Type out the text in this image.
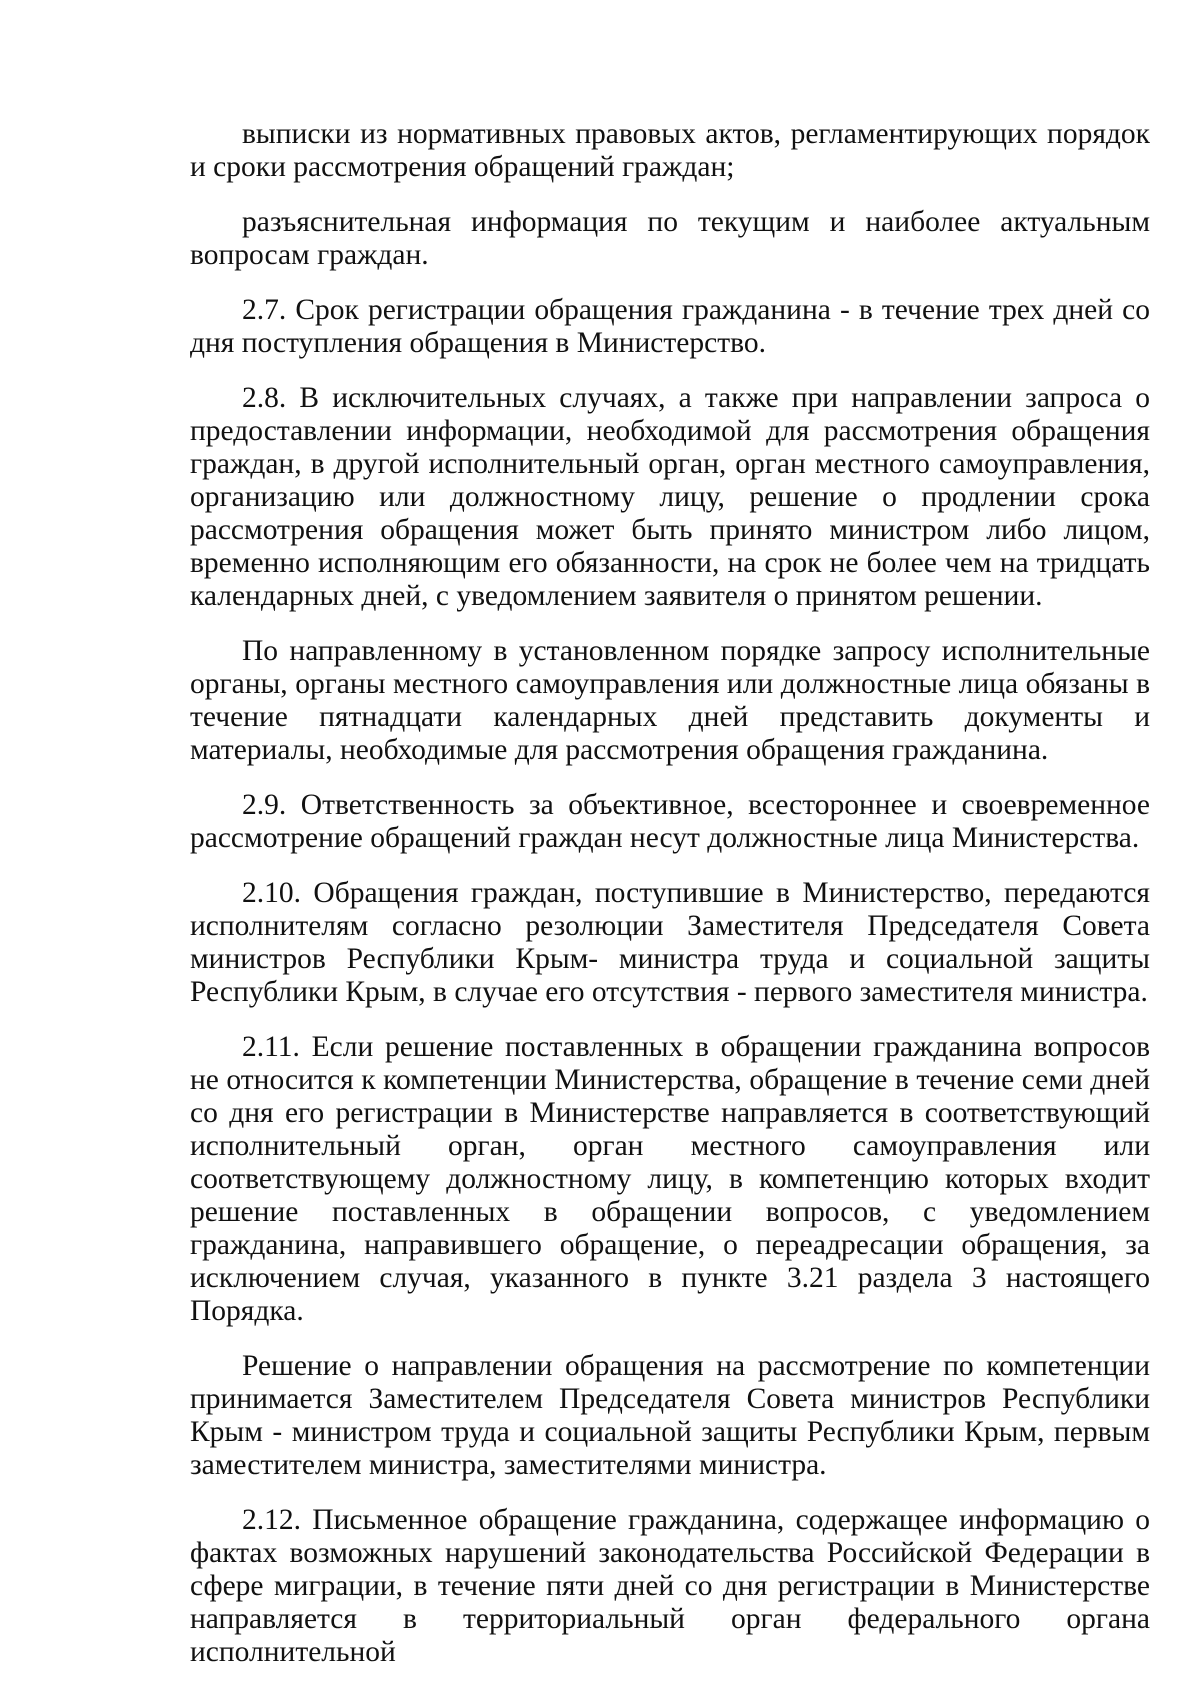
выписки из нормативных правовых актов, регламентирующих порядок и сроки рассмотрения обращений граждан;

разъяснительная информация по текущим и наиболее актуальным вопросам граждан.

2.7. Срок регистрации обращения гражданина - в течение трех дней со дня поступления обращения в Министерство.

2.8. В исключительных случаях, а также при направлении запроса о предоставлении информации, необходимой для рассмотрения обращения граждан, в другой исполнительный орган, орган местного самоуправления, организацию или должностному лицу, решение о продлении срока рассмотрения обращения может быть принято министром либо лицом, временно исполняющим его обязанности, на срок не более чем на тридцать календарных дней, с уведомлением заявителя о принятом решении.

По направленному в установленном порядке запросу исполнительные органы, органы местного самоуправления или должностные лица обязаны в течение пятнадцати календарных дней представить документы и материалы, необходимые для рассмотрения обращения гражданина.

2.9. Ответственность за объективное, всестороннее и своевременное рассмотрение обращений граждан несут должностные лица Министерства.

2.10. Обращения граждан, поступившие в Министерство, передаются исполнителям согласно резолюции Заместителя Председателя Совета министров Республики Крым- министра труда и социальной защиты Республики Крым, в случае его отсутствия - первого заместителя министра.

2.11. Если решение поставленных в обращении гражданина вопросов не относится к компетенции Министерства, обращение в течение семи дней со дня его регистрации в Министерстве направляется в соответствующий исполнительный орган, орган местного самоуправления или соответствующему должностному лицу, в компетенцию которых входит решение поставленных в обращении вопросов, с уведомлением гражданина, направившего обращение, о переадресации обращения, за исключением случая, указанного в пункте 3.21 раздела 3 настоящего Порядка.

Решение о направлении обращения на рассмотрение по компетенции принимается Заместителем Председателя Совета министров Республики Крым - министром труда и социальной защиты Республики Крым, первым заместителем министра, заместителями министра.

2.12. Письменное обращение гражданина, содержащее информацию о фактах возможных нарушений законодательства Российской Федерации в сфере миграции, в течение пяти дней со дня регистрации в Министерстве направляется в территориальный орган федерального органа исполнительной
